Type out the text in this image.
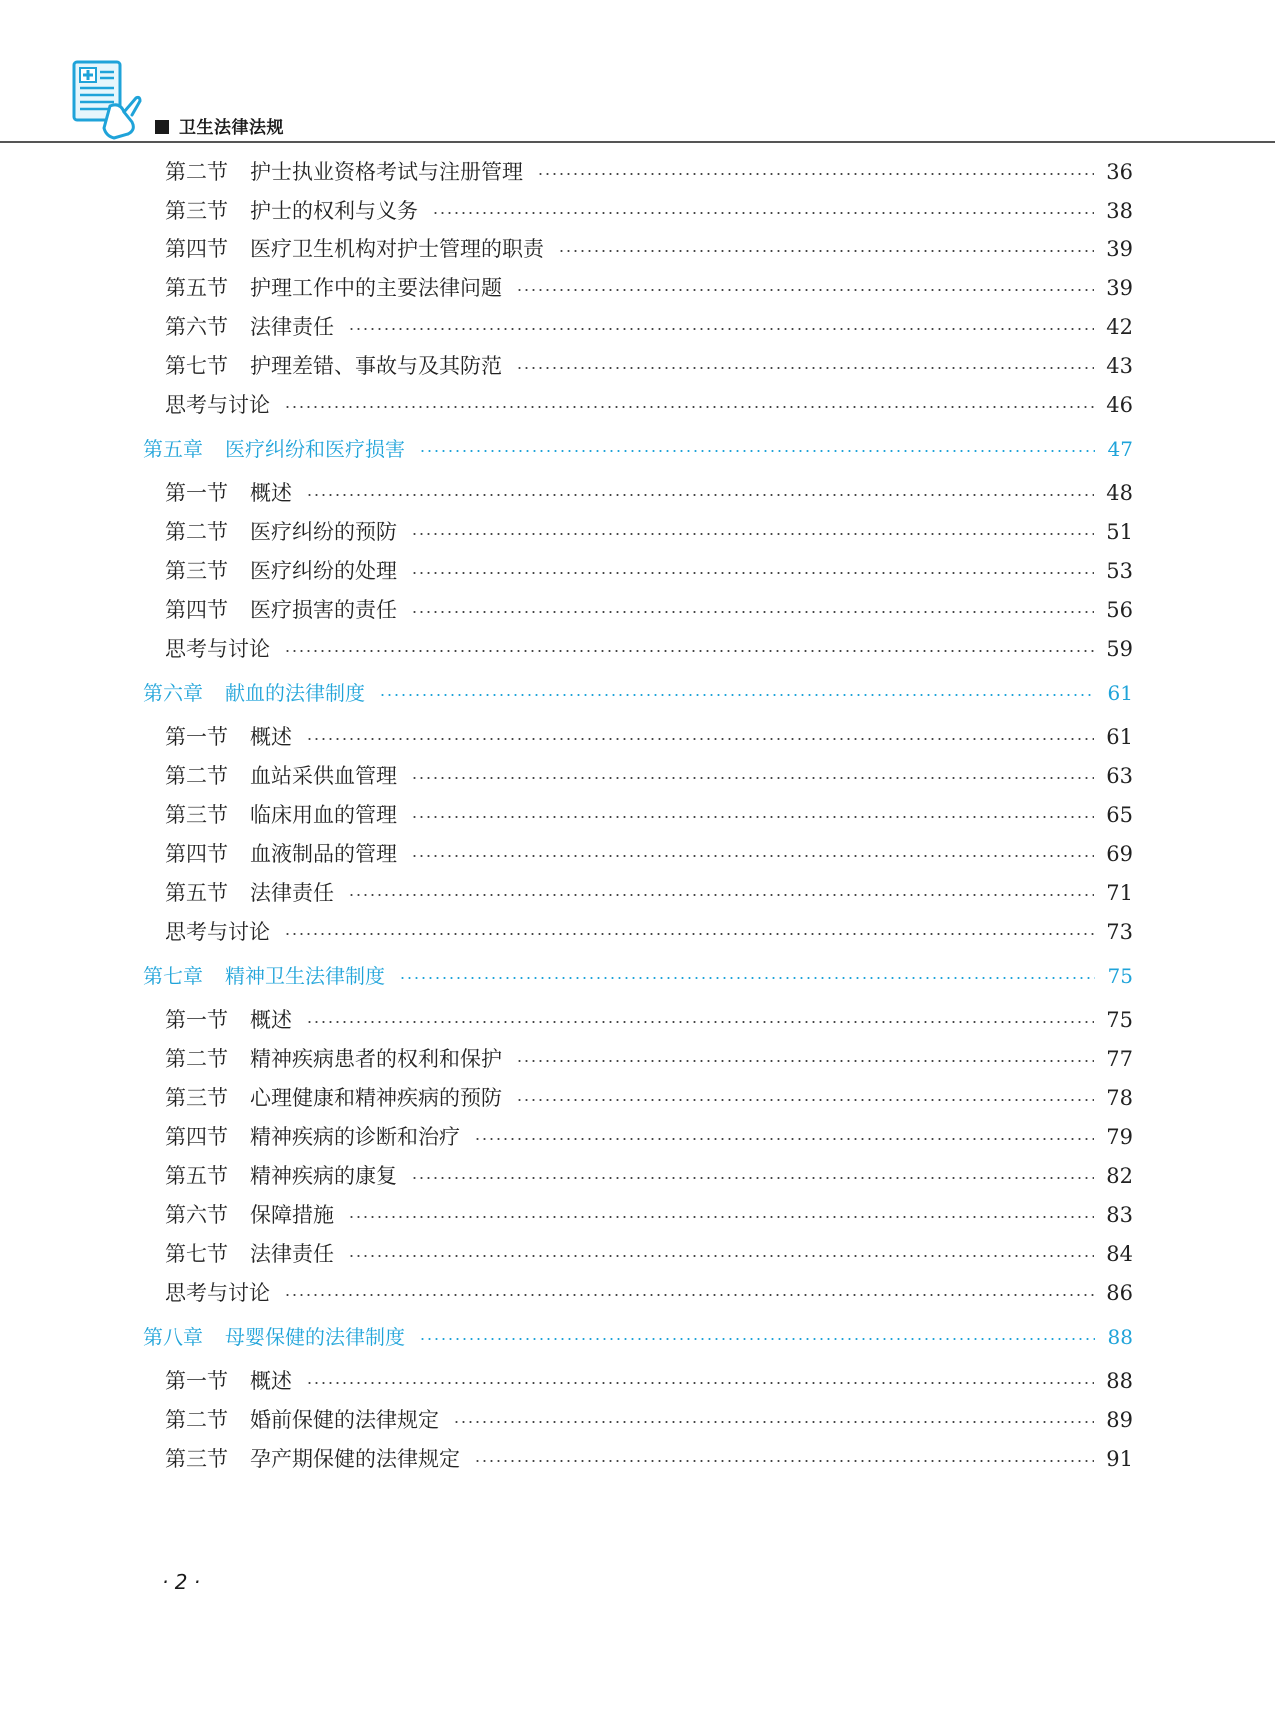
卫生法律法规
第二节 护士执业资格考试与注册管理	36
第三节 护士的权利与义务	38
第四节 医疗卫生机构对护士管理的职责	39
第五节 护理工作中的主要法律问题	39
第六节 法律责任	42
第七节 护理差错、事故与及其防范	43
思考与讨论	46
第五章 医疗纠纷和医疗损害	47
第一节 概述	48
第二节 医疗纠纷的预防	51
第三节 医疗纠纷的处理	53
第四节 医疗损害的责任	56
思考与讨论	59
第六章 献血的法律制度	61
第一节 概述	61
第二节 血站采供血管理	63
第三节 临床用血的管理	65
第四节 血液制品的管理	69
第五节 法律责任	71
思考与讨论	73
第七章 精神卫生法律制度	75
第一节 概述	75
第二节 精神疾病患者的权利和保护	77
第三节 心理健康和精神疾病的预防	78
第四节 精神疾病的诊断和治疗	79
第五节 精神疾病的康复	82
第六节 保障措施	83
第七节 法律责任	84
思考与讨论	86
第八章 母婴保健的法律制度	88
第一节 概述	88
第二节 婚前保健的法律规定	89
第三节 孕产期保健的法律规定	91
· 2 ·
